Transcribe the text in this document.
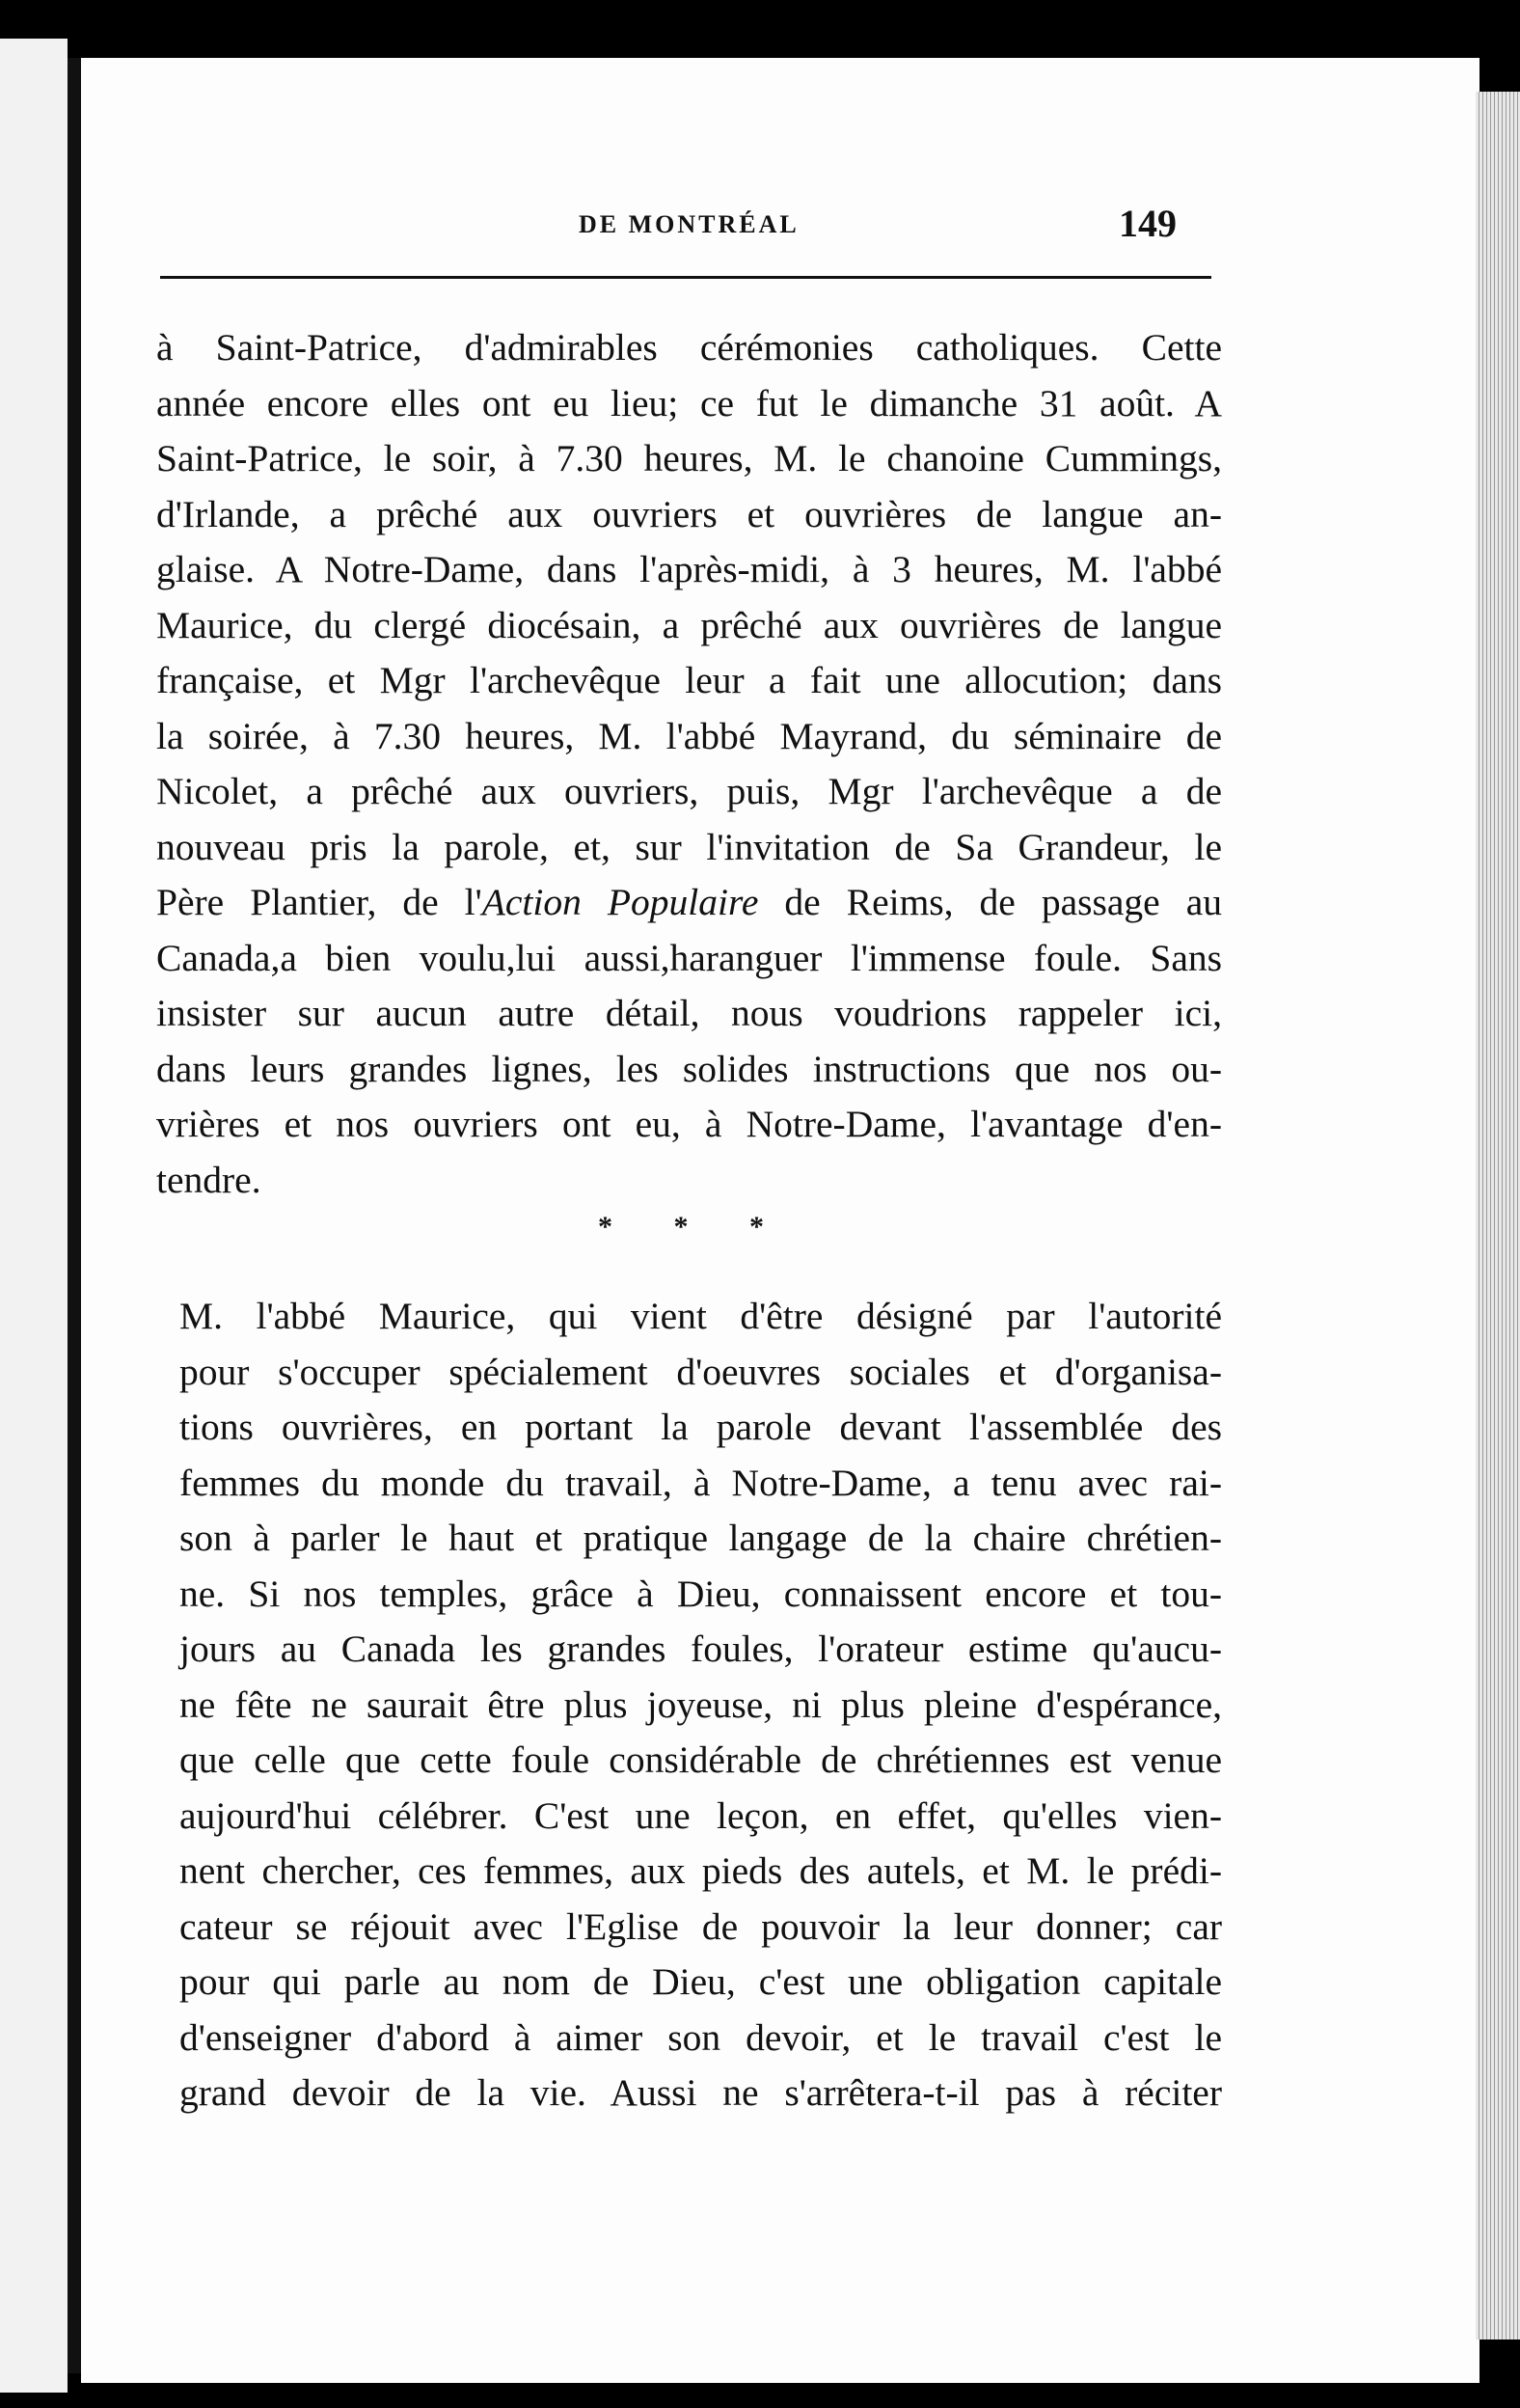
DE MONTRÉAL	149
à Saint-Patrice, d'admirables cérémonies catholiques. Cette
année encore elles ont eu lieu; ce fut le dimanche 31 août. A
Saint-Patrice, le soir, à 7.30 heures, M. le chanoine Cummings,
d'Irlande, a prêché aux ouvriers et ouvrières de langue an-
glaise. A Notre-Dame, dans l'après-midi, à 3 heures, M. l'abbé
Maurice, du clergé diocésain, a prêché aux ouvrières de langue
française, et Mgr l'archevêque leur a fait une allocution; dans
la soirée, à 7.30 heures, M. l'abbé Mayrand, du séminaire de
Nicolet, a prêché aux ouvriers, puis, Mgr l'archevêque a de
nouveau pris la parole, et, sur l'invitation de Sa Grandeur, le
Père Plantier, de l'Action Populaire de Reims, de passage au
Canada,a bien voulu,lui aussi,haranguer l'immense foule. Sans
insister sur aucun autre détail, nous voudrions rappeler ici,
dans leurs grandes lignes, les solides instructions que nos ou-
vrières et nos ouvriers ont eu, à Notre-Dame, l'avantage d'en-
tendre.
* * *
M. l'abbé Maurice, qui vient d'être désigné par l'autorité
pour s'occuper spécialement d'oeuvres sociales et d'organisa-
tions ouvrières, en portant la parole devant l'assemblée des
femmes du monde du travail, à Notre-Dame, a tenu avec rai-
son à parler le haut et pratique langage de la chaire chrétien-
ne. Si nos temples, grâce à Dieu, connaissent encore et tou-
jours au Canada les grandes foules, l'orateur estime qu'aucu-
ne fête ne saurait être plus joyeuse, ni plus pleine d'espérance,
que celle que cette foule considérable de chrétiennes est venue
aujourd'hui célébrer. C'est une leçon, en effet, qu'elles vien-
nent chercher, ces femmes, aux pieds des autels, et M. le prédi-
cateur se réjouit avec l'Eglise de pouvoir la leur donner; car
pour qui parle au nom de Dieu, c'est une obligation capitale
d'enseigner d'abord à aimer son devoir, et le travail c'est le
grand devoir de la vie. Aussi ne s'arrêtera-t-il pas à réciter
